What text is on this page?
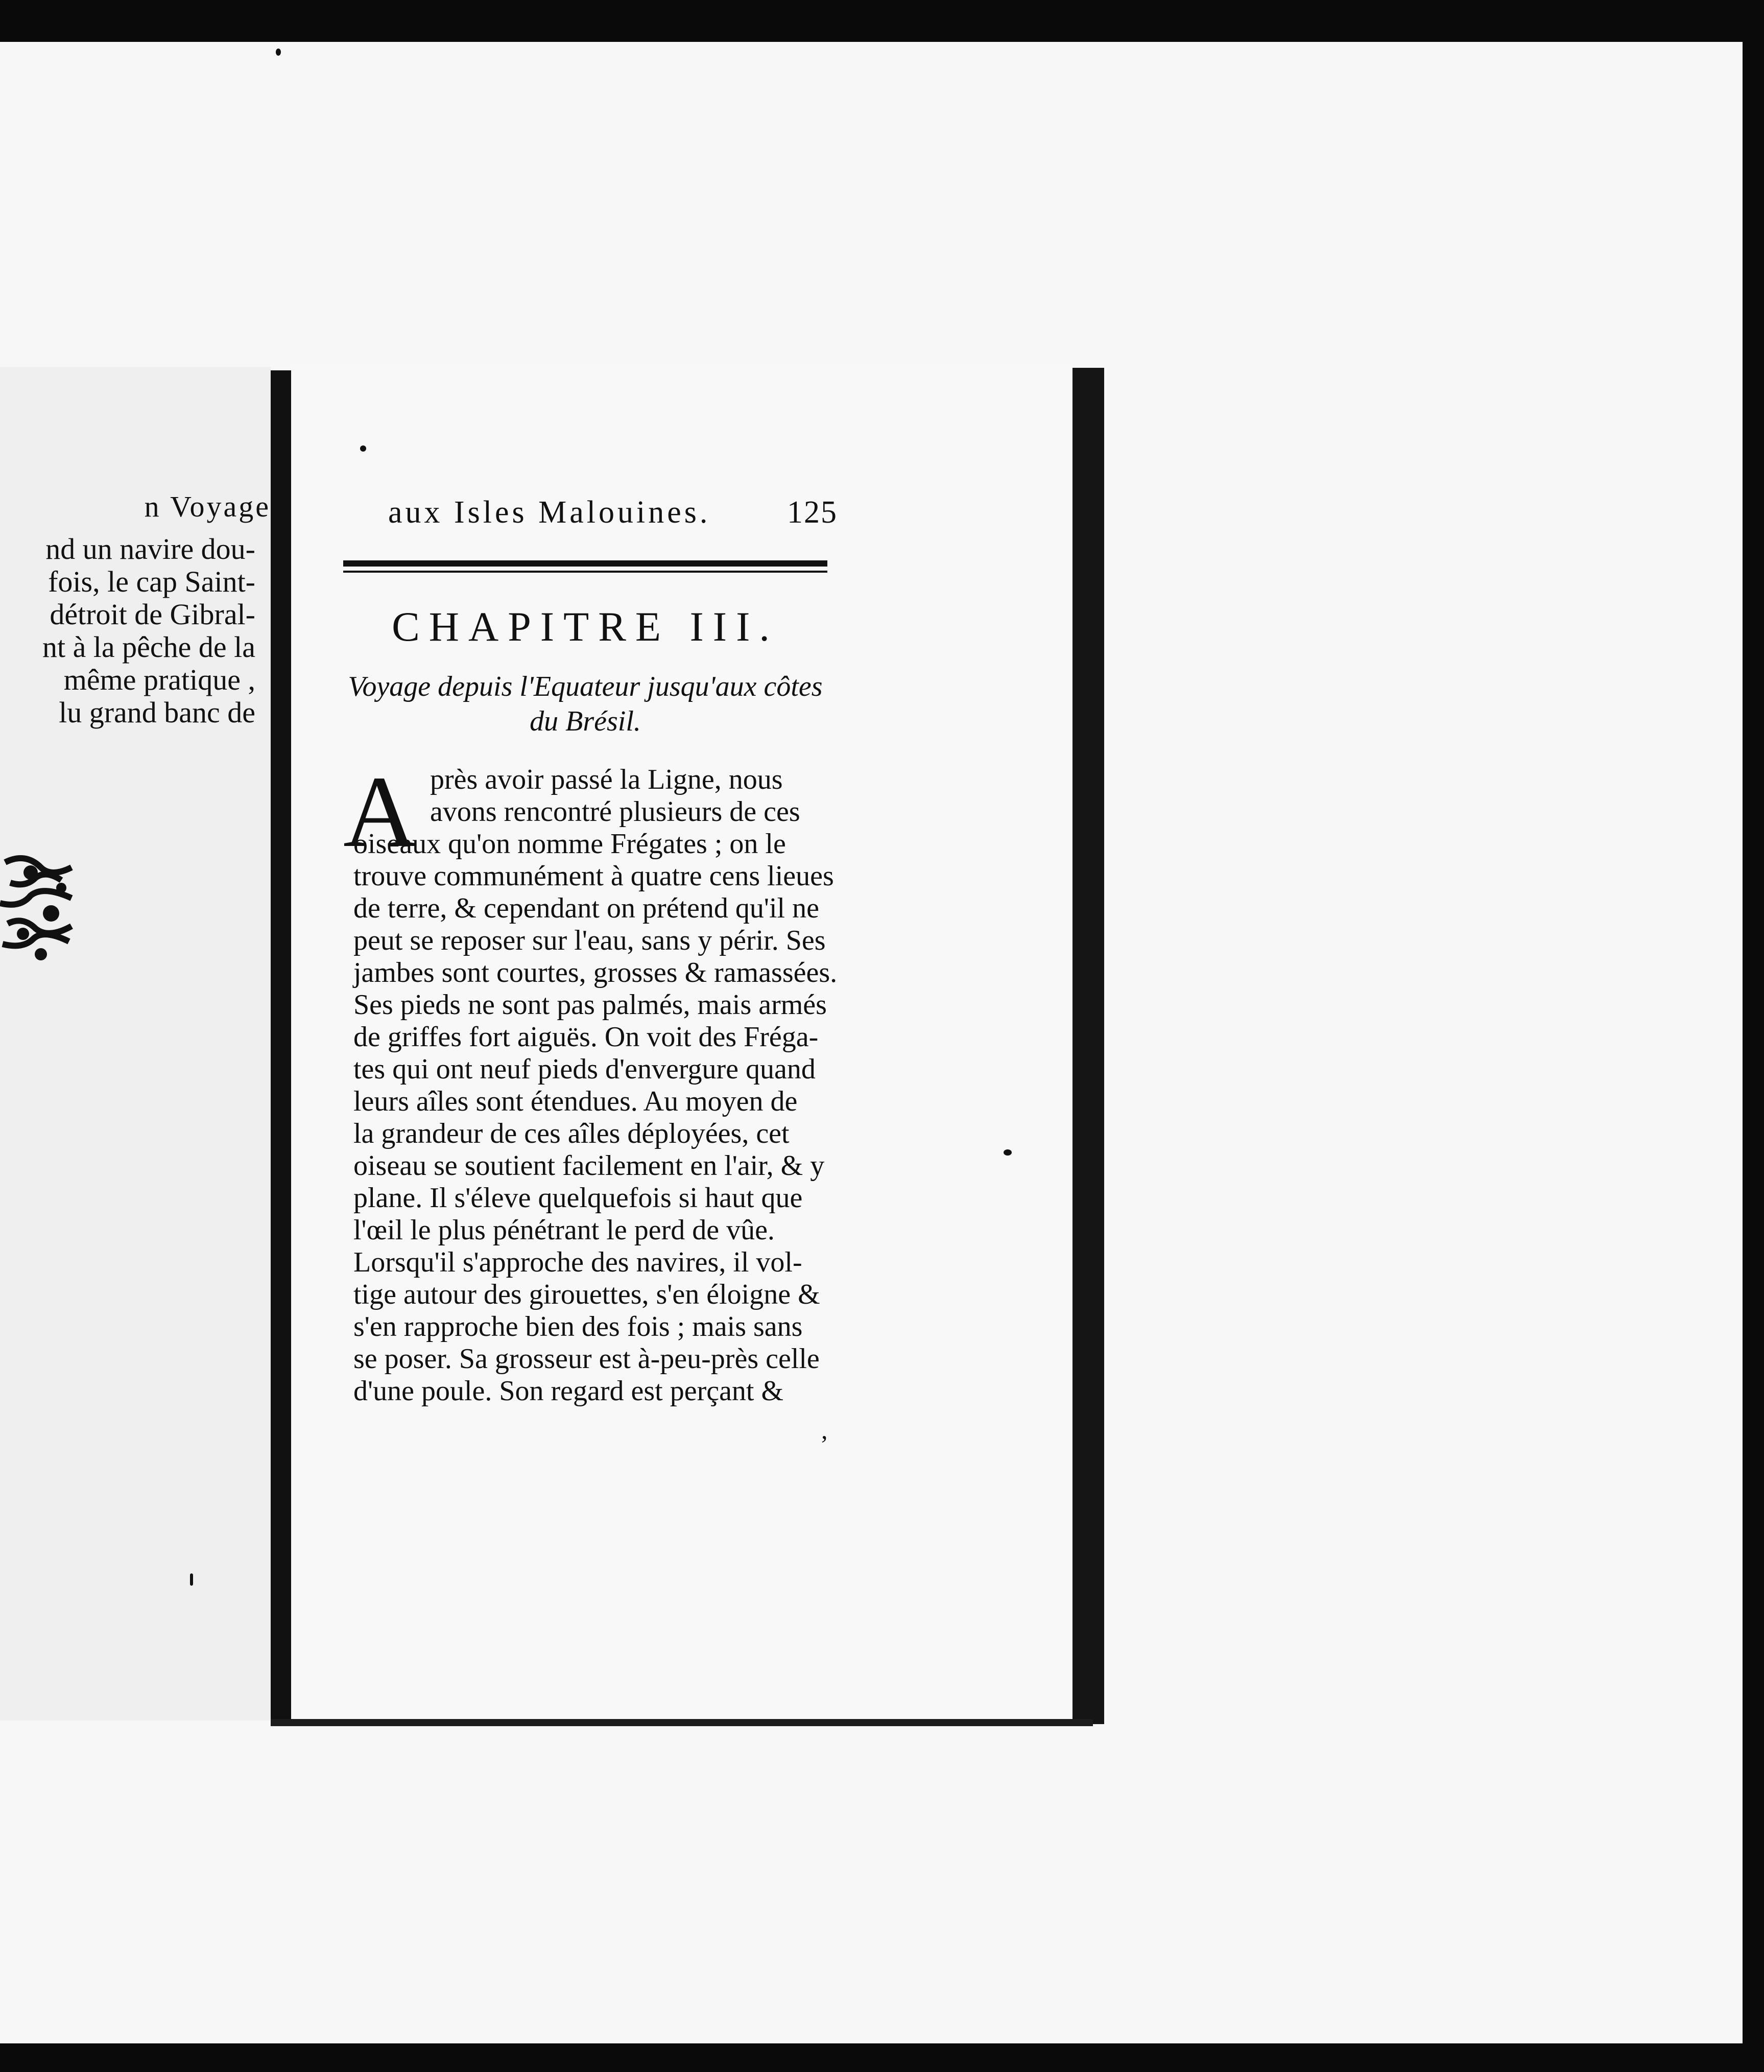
n Voyage
nd un navire dou-
fois, le cap Saint-
détroit de Gibral-
nt à la pêche de la
même pratique ,
lu grand banc de
aux Isles Malouines. 125
CHAPITRE III.
Voyage depuis l'Equateur jusqu'aux côtes
du Brésil.
A près avoir passé la Ligne, nous
avons rencontré plusieurs de ces
oiseaux qu'on nomme Frégates ; on le
trouve communément à quatre cens lieues
de terre, & cependant on prétend qu'il ne
peut se reposer sur l'eau, sans y périr. Ses
jambes sont courtes, grosses & ramassées.
Ses pieds ne sont pas palmés, mais armés
de griffes fort aiguës. On voit des Fréga-
tes qui ont neuf pieds d'envergure quand
leurs aîles sont étendues. Au moyen de
la grandeur de ces aîles déployées, cet
oiseau se soutient facilement en l'air, & y
plane. Il s'éleve quelquefois si haut que
l'œil le plus pénétrant le perd de vûe.
Lorsqu'il s'approche des navires, il vol-
tige autour des girouettes, s'en éloigne &
s'en rapproche bien des fois ; mais sans
se poser. Sa grosseur est à-peu-près celle
d'une poule. Son regard est perçant &
,
